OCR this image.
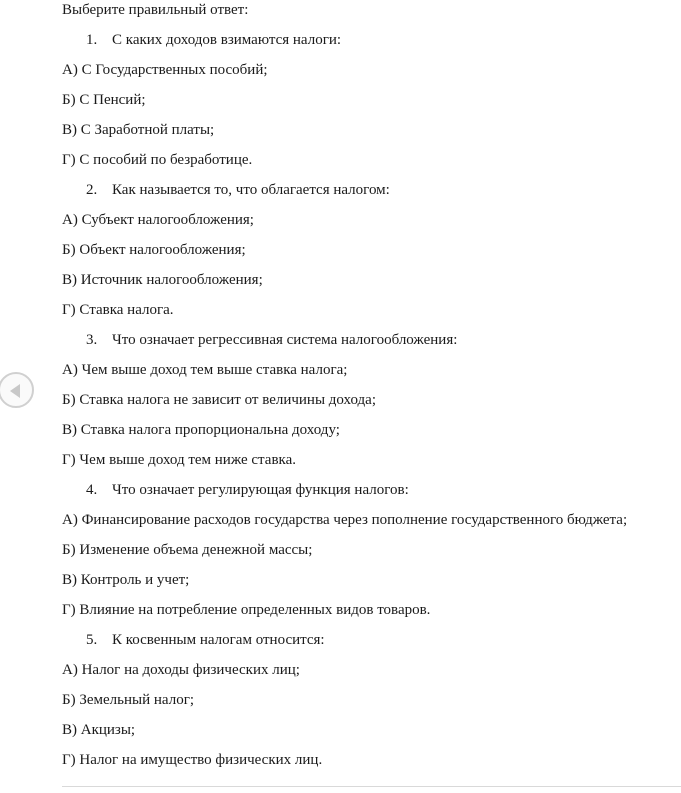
Выберите правильный ответ:
1. С каких доходов взимаются налоги:
А) С Государственных пособий;
Б) С Пенсий;
В) С Заработной платы;
Г) С пособий по безработице.
2. Как называется то, что облагается налогом:
А) Субъект налогообложения;
Б) Объект налогообложения;
В) Источник налогообложения;
Г) Ставка налога.
3. Что означает регрессивная система налогообложения:
А) Чем выше доход тем выше ставка налога;
Б) Ставка налога не зависит от величины дохода;
В) Ставка налога пропорциональна доходу;
Г) Чем выше доход тем ниже ставка.
4. Что означает регулирующая функция налогов:
А) Финансирование расходов государства через пополнение государственного бюджета;
Б) Изменение объема денежной массы;
В) Контроль и учет;
Г) Влияние на потребление определенных видов товаров.
5. К косвенным налогам относится:
А) Налог на доходы физических лиц;
Б) Земельный налог;
В) Акцизы;
Г) Налог на имущество физических лиц.
